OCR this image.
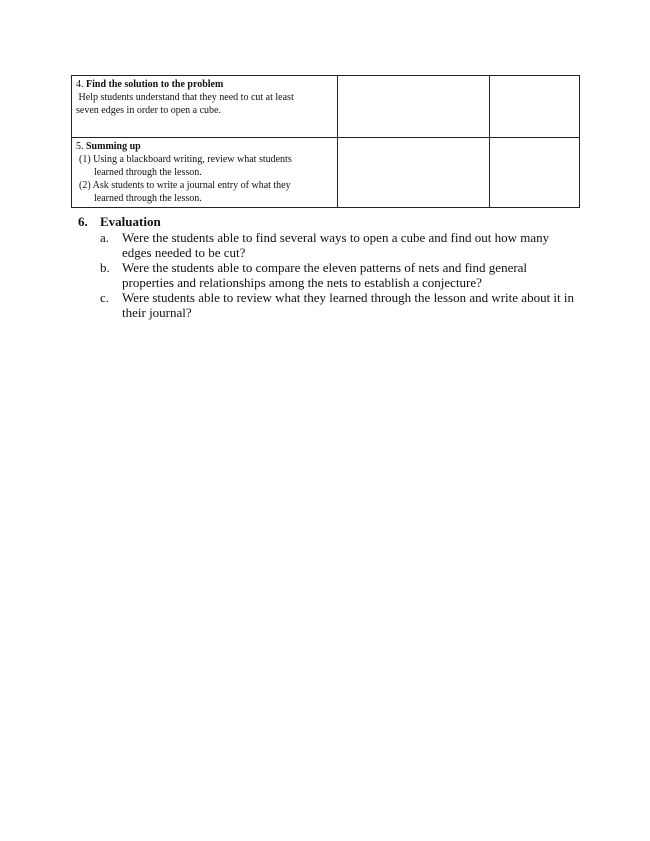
4. Find the solution to the problem
Help students understand that they need to cut at least
seven edges in order to open a cube.		

5. Summing up
(1) Using a blackboard writing, review what students
learned through the lesson.
(2) Ask students to write a journal entry of what they
learned through the lesson.		

6. Evaluation
a. Were the students able to find several ways to open a cube and find out how many edges needed to be cut?
b. Were the students able to compare the eleven patterns of nets and find general properties and relationships among the nets to establish a conjecture?
c. Were students able to review what they learned through the lesson and write about it in their journal?
